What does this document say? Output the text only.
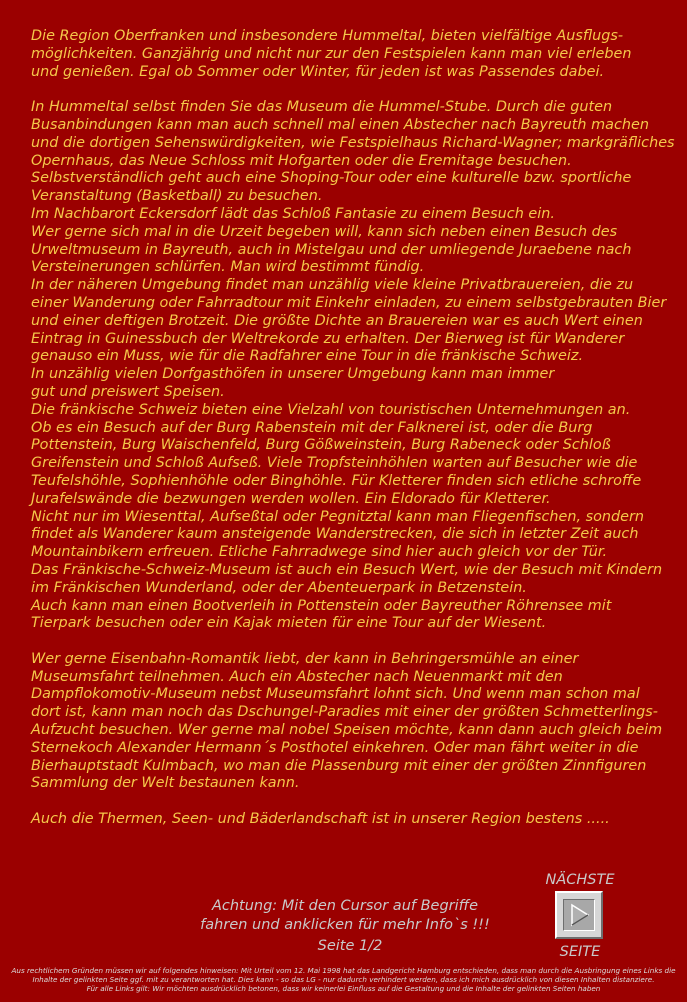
Die Region Oberfranken und insbesondere Hummeltal, bieten vielfältige Ausflugs-
möglichkeiten. Ganzjährig und nicht nur zur den Festspielen kann man viel erleben
und genießen. Egal ob Sommer oder Winter, für jeden ist was Passendes dabei.

In Hummeltal selbst finden Sie das Museum die Hummel-Stube. Durch die guten
Busanbindungen kann man auch schnell mal einen Abstecher nach Bayreuth machen
und die dortigen Sehenswürdigkeiten, wie Festspielhaus Richard-Wagner; markgräfliches
Opernhaus, das Neue Schloss mit Hofgarten oder die Eremitage besuchen.
Selbstverständlich geht auch eine Shoping-Tour oder eine kulturelle bzw. sportliche
Veranstaltung (Basketball) zu besuchen.
Im Nachbarort Eckersdorf lädt das Schloß Fantasie zu einem Besuch ein.
Wer gerne sich mal in die Urzeit begeben will, kann sich neben einen Besuch des
Urweltmuseum in Bayreuth, auch in Mistelgau und der umliegende Juraebene nach
Versteinerungen schlürfen. Man wird bestimmt fündig.
In der näheren Umgebung findet man unzählig viele kleine Privatbrauereien, die zu
einer Wanderung oder Fahrradtour mit Einkehr einladen, zu einem selbstgebrauten Bier
und einer deftigen Brotzeit. Die größte Dichte an Brauereien war es auch Wert einen
Eintrag in Guinessbuch der Weltrekorde zu erhalten. Der Bierweg ist für Wanderer
genauso ein Muss, wie für die Radfahrer eine Tour in die fränkische Schweiz.
In unzählig vielen Dorfgasthöfen in unserer Umgebung kann man immer
gut und preiswert Speisen.
Die fränkische Schweiz bieten eine Vielzahl von touristischen Unternehmungen an.
Ob es ein Besuch auf der Burg Rabenstein mit der Falknerei ist, oder die Burg
Pottenstein, Burg Waischenfeld, Burg Gößweinstein, Burg Rabeneck oder Schloß
Greifenstein und Schloß Aufseß. Viele Tropfsteinhöhlen warten auf Besucher wie die
Teufelshöhle, Sophienhöhle oder Binghöhle. Für Kletterer finden sich etliche schroffe
Jurafelswände die bezwungen werden wollen. Ein Eldorado für Kletterer.
Nicht nur im Wiesenttal, Aufseßtal oder Pegnitztal kann man Fliegenfischen, sondern
findet als Wanderer kaum ansteigende Wanderstrecken, die sich in letzter Zeit auch
Mountainbikern erfreuen. Etliche Fahrradwege sind hier auch gleich vor der Tür.
Das Fränkische-Schweiz-Museum ist auch ein Besuch Wert, wie der Besuch mit Kindern
im Fränkischen Wunderland, oder der Abenteuerpark in Betzenstein.
Auch kann man einen Bootverleih in Pottenstein oder Bayreuther Röhrensee mit
Tierpark besuchen oder ein Kajak mieten für eine Tour auf der Wiesent.

Wer gerne Eisenbahn-Romantik liebt, der kann in Behringersmühle an einer
Museumsfahrt teilnehmen. Auch ein Abstecher nach Neuenmarkt mit den
Dampflokomotiv-Museum nebst Museumsfahrt lohnt sich. Und wenn man schon mal
dort ist, kann man noch das Dschungel-Paradies mit einer der größten Schmetterlings-
Aufzucht besuchen. Wer gerne mal nobel Speisen möchte, kann dann auch gleich beim
Sternekoch Alexander Hermann´s Posthotel einkehren. Oder man fährt weiter in die
Bierhauptstadt Kulmbach, wo man die Plassenburg mit einer der größten Zinnfiguren
Sammlung der Welt bestaunen kann.

Auch die Thermen, Seen- und Bäderlandschaft ist in unserer Region bestens .....

Achtung: Mit den Cursor auf Begriffe
fahren und anklicken für mehr Info`s !!!
Seite 1/2
NÄCHSTE
SEITE
Aus rechtlichem Gründen müssen wir auf folgendes hinweisen: Mit Urteil vom 12. Mai 1998 hat das Landgericht Hamburg entschieden, dass man durch die Ausbringung eines Links die
Inhalte der gelinkten Seite ggf. mit zu verantworten hat. Dies kann - so das LG - nur dadurch verhindert werden, dass ich mich ausdrücklich von diesen Inhalten distanziere.
Für alle Links gilt: Wir möchten ausdrücklich betonen, dass wir keinerlei Einfluss auf die Gestaltung und die Inhalte der gelinkten Seiten haben
